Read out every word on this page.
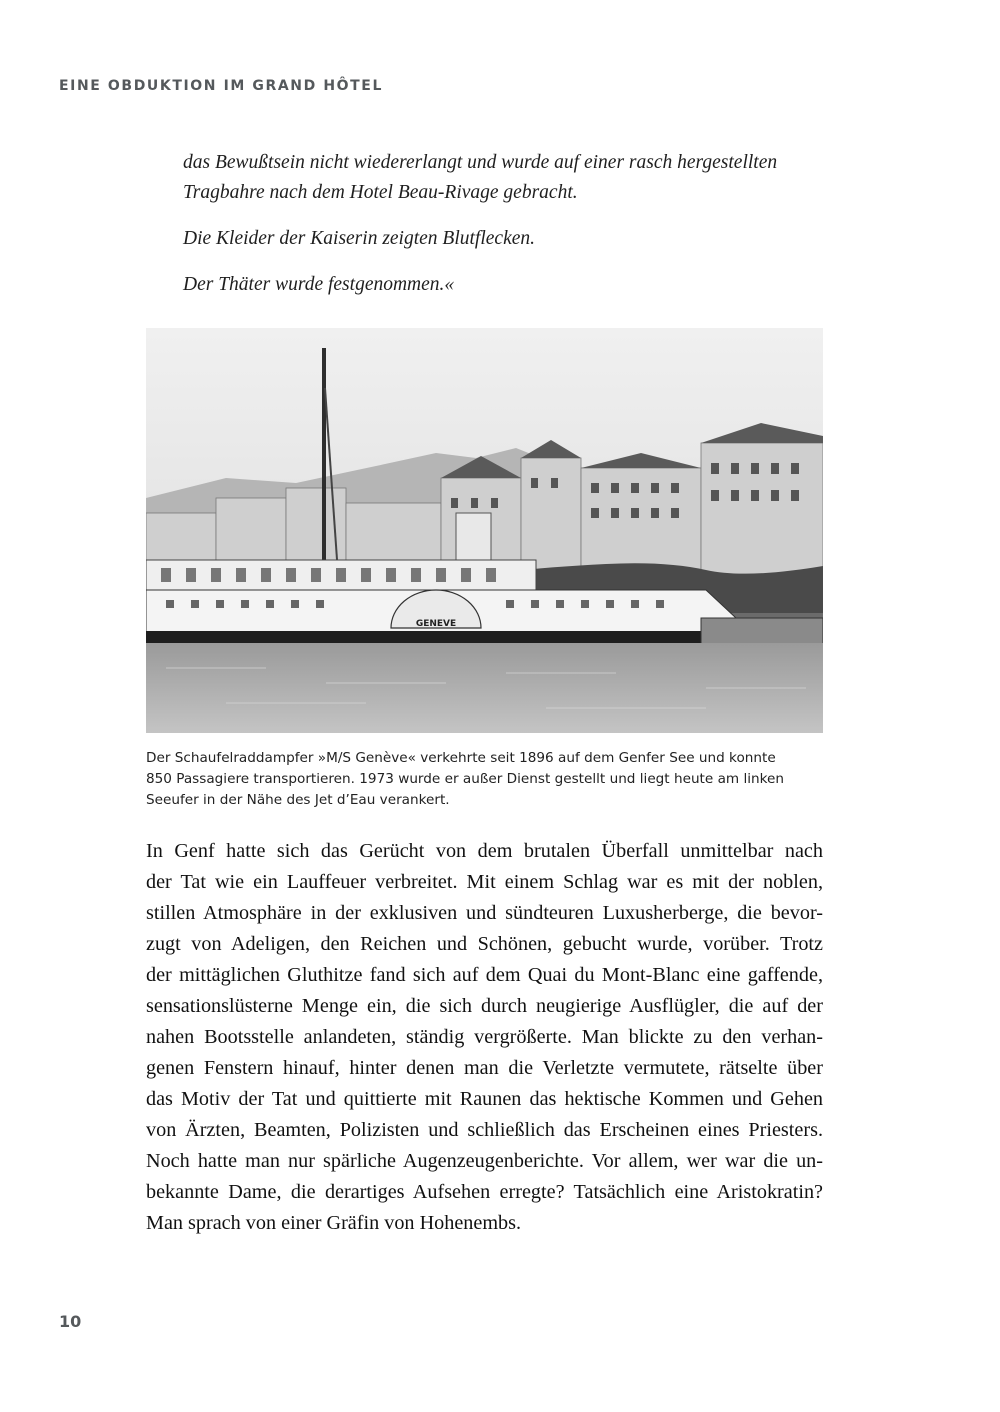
EINE OBDUKTION IM GRAND HÔTEL

das Bewußtsein nicht wiedererlangt und wurde auf einer rasch hergestellten
Tragbahre nach dem Hotel Beau-Rivage gebracht.

Die Kleider der Kaiserin zeigten Blutflecken.

Der Thäter wurde festgenommen.«

GENEVE
Der Schaufelraddampfer »M/S Genève« verkehrte seit 1896 auf dem Genfer See und konnte
850 Passagiere transportieren. 1973 wurde er außer Dienst gestellt und liegt heute am linken
Seeufer in der Nähe des Jet d’Eau verankert.
In Genf hatte sich das Gerücht von dem brutalen Überfall unmittelbar nach
der Tat wie ein Lauffeuer verbreitet. Mit einem Schlag war es mit der noblen,
stillen Atmosphäre in der exklusiven und sündteuren Luxusherberge, die bevor-
zugt von Adeligen, den Reichen und Schönen, gebucht wurde, vorüber. Trotz
der mittäglichen Gluthitze fand sich auf dem Quai du Mont-Blanc eine gaffende,
sensationslüsterne Menge ein, die sich durch neugierige Ausflügler, die auf der
nahen Bootsstelle anlandeten, ständig vergrößerte. Man blickte zu den verhan-
genen Fenstern hinauf, hinter denen man die Verletzte vermutete, rätselte über
das Motiv der Tat und quittierte mit Raunen das hektische Kommen und Gehen
von Ärzten, Beamten, Polizisten und schließlich das Erscheinen eines Priesters.
Noch hatte man nur spärliche Augenzeugenberichte. Vor allem, wer war die un-
bekannte Dame, die derartiges Aufsehen erregte? Tatsächlich eine Aristokratin?
Man sprach von einer Gräfin von Hohenembs.
10
